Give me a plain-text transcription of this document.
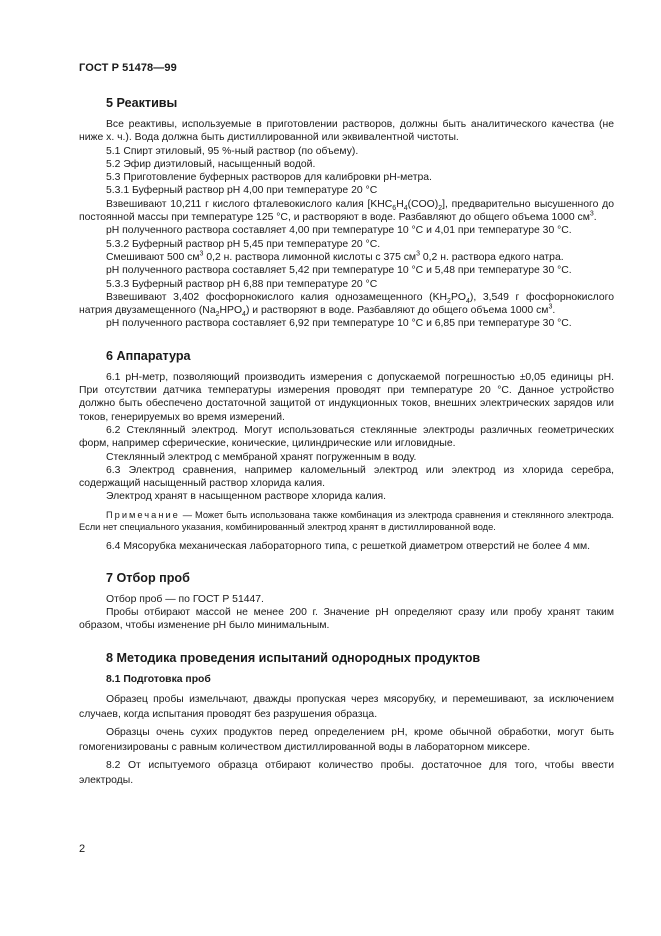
ГОСТ Р 51478—99
5 Реактивы

Все реактивы, используемые в приготовлении растворов, должны быть аналитического качества (не ниже х. ч.). Вода должна быть дистиллированной или эквивалентной чистоты.

5.1 Спирт этиловый, 95 %-ный раствор (по объему).

5.2 Эфир диэтиловый, насыщенный водой.

5.3 Приготовление буферных растворов для калибровки pH-метра.

5.3.1 Буферный раствор pH 4,00 при температуре 20 °С

Взвешивают 10,211 г кислого фталевокислого калия $[KHC_6H_4(COO)_2]$, предварительно высушенного до постоянной массы при температуре 125 °С, и растворяют в воде. Разбавляют до общего объема 1000 $см^3$.

pH полученного раствора составляет 4,00 при температуре 10 °С и 4,01 при температуре 30 °С.

5.3.2 Буферный раствор pH 5,45 при температуре 20 °С.

Смешивают 500 $см^3$ 0,2 н. раствора лимонной кислоты с 375 $см^3$ 0,2 н. раствора едкого натра.

pH полученного раствора составляет 5,42 при температуре 10 °С и 5,48 при температуре 30 °С.

5.3.3 Буферный раствор pH 6,88 при температуре 20 °С

Взвешивают 3,402 фосфорнокислого калия однозамещенного $(KH_2PO_4)$, 3,549 г фосфорнокислого натрия двузамещенного $(Na_2HPO_4)$ и растворяют в воде. Разбавляют до общего объема 1000 $см^3$.

pH полученного раствора составляет 6,92 при температуре 10 °С и 6,85 при температуре 30 °С.

6 Аппаратура

6.1 pH-метр, позволяющий производить измерения с допускаемой погрешностью ±0,05 единицы pH. При отсутствии датчика температуры измерения проводят при температуре 20 °С. Данное устройство должно быть обеспечено достаточной защитой от индукционных токов, внешних электрических зарядов или токов, генерируемых во время измерений.

6.2 Стеклянный электрод. Могут использоваться стеклянные электроды различных геометрических форм, например сферические, конические, цилиндрические или игловидные.

Стеклянный электрод с мембраной хранят погруженным в воду.

6.3 Электрод сравнения, например каломельный электрод или электрод из хлорида серебра, содержащий насыщенный раствор хлорида калия.

Электрод хранят в насыщенном растворе хлорида калия.

Примечание — Может быть использована также комбинация из электрода сравнения и стеклянного электрода. Если нет специального указания, комбинированный электрод хранят в дистиллированной воде.

6.4 Мясорубка механическая лабораторного типа, с решеткой диаметром отверстий не более 4 мм.

7 Отбор проб

Отбор проб — по ГОСТ Р 51447.

Пробы отбирают массой не менее 200 г. Значение pH определяют сразу или пробу хранят таким образом, чтобы изменение pH было минимальным.

8 Методика проведения испытаний однородных продуктов
8.1 Подготовка проб

Образец пробы измельчают, дважды пропуская через мясорубку, и перемешивают, за исключением случаев, когда испытания проводят без разрушения образца.

Образцы очень сухих продуктов перед определением pH, кроме обычной обработки, могут быть гомогенизированы с равным количеством дистиллированной воды в лабораторном миксере.

8.2 От испытуемого образца отбирают количество пробы. достаточное для того, чтобы ввести электроды.

2
